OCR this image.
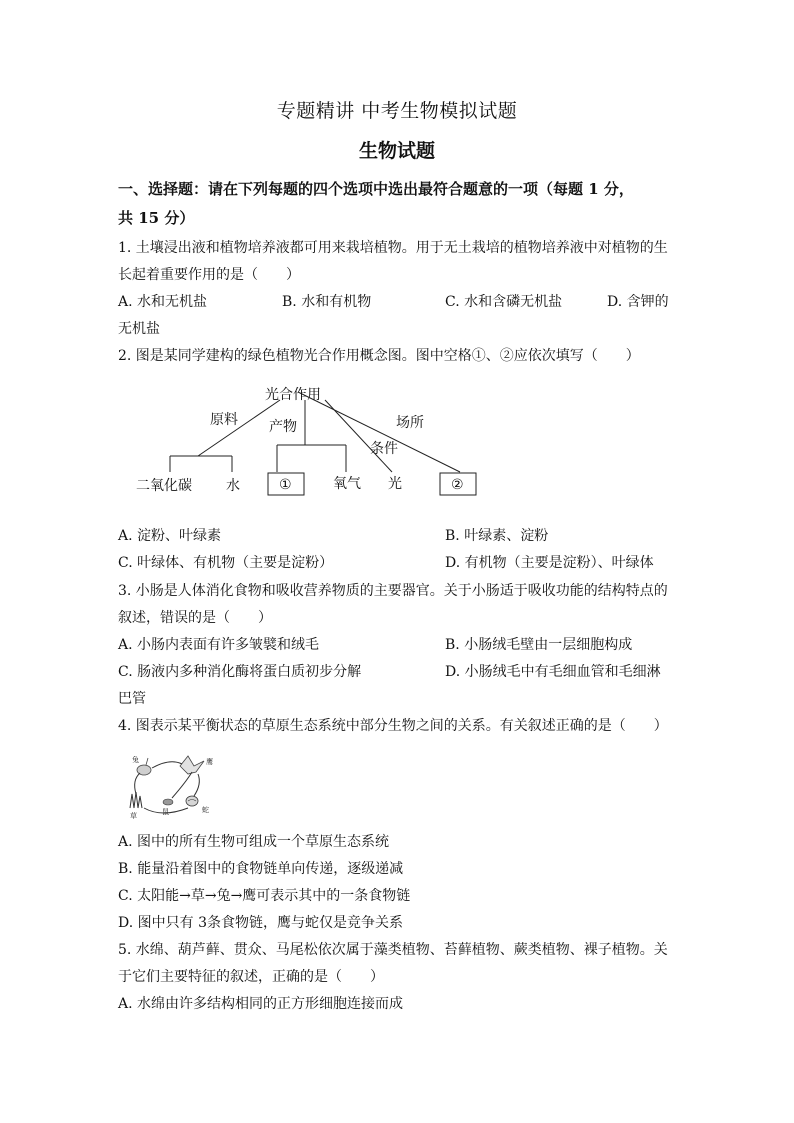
专题精讲 中考生物模拟试题
生物试题
一、选择题：请在下列每题的四个选项中选出最符合题意的一项（每题 1 分，
共 15 分）
1. 土壤浸出液和植物培养液都可用来栽培植物。用于无土栽培的植物培养液中对植物的生
长起着重要作用的是（　　）
A. 水和无机盐	B. 水和有机物	C. 水和含磷无机盐	D. 含钾的
无机盐
2. 图是某同学建构的绿色植物光合作用概念图。图中空格①、②应依次填写（　　）
光合作用
原料 产物
条件
场所
二氧化碳 水	①	氧气 光	②
A. 淀粉、叶绿素	B. 叶绿素、淀粉
C. 叶绿体、有机物（主要是淀粉）	D. 有机物（主要是淀粉）、叶绿体
3. 小肠是人体消化食物和吸收营养物质的主要器官。关于小肠适于吸收功能的结构特点的
叙述，错误的是（　　）
A. 小肠内表面有许多皱襞和绒毛	B. 小肠绒毛壁由一层细胞构成
C. 肠液内多种消化酶将蛋白质初步分解	D. 小肠绒毛中有毛细血管和毛细淋
巴管
4. 图表示某平衡状态的草原生态系统中部分生物之间的关系。有关叙述正确的是（　　）
兔	鹰
草	鼠	蛇
A. 图中的所有生物可组成一个草原生态系统
B. 能量沿着图中的食物链单向传递，逐级递减
C. 太阳能→草→兔→鹰可表示其中的一条食物链
D. 图中只有 3条食物链，鹰与蛇仅是竞争关系
5. 水绵、葫芦藓、贯众、马尾松依次属于藻类植物、苔藓植物、蕨类植物、裸子植物。关
于它们主要特征的叙述，正确的是（　　）
A. 水绵由许多结构相同的正方形细胞连接而成
